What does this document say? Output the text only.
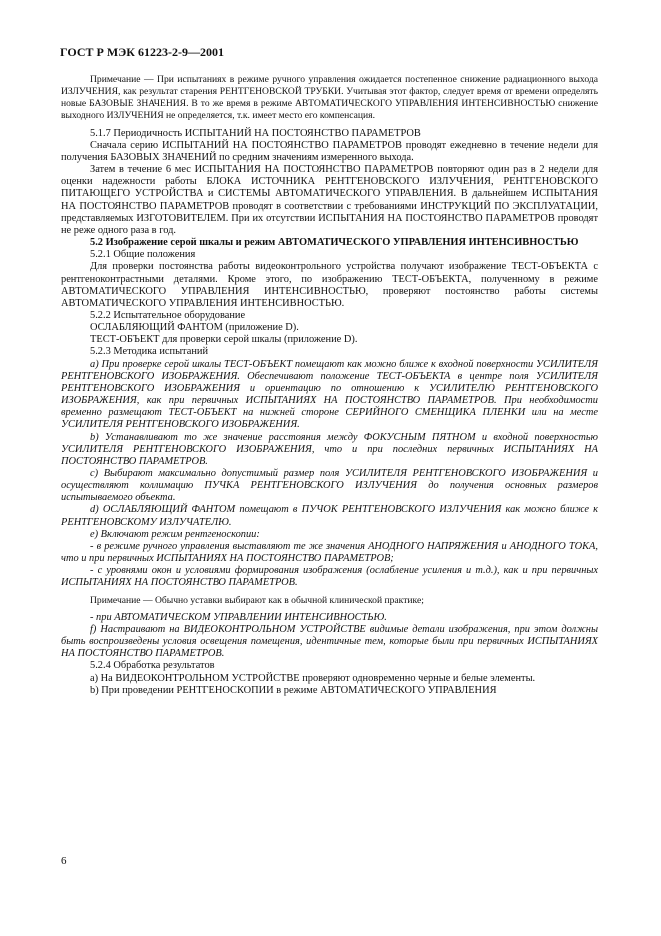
ГОСТ Р МЭК 61223-2-9—2001

Примечание — При испытаниях в режиме ручного управления ожидается постепенное снижение радиационного выхода ИЗЛУЧЕНИЯ, как результат старения РЕНТГЕНОВСКОЙ ТРУБКИ. Учитывая этот фактор, следует время от времени определять новые БАЗОВЫЕ ЗНАЧЕНИЯ. В то же время в режиме АВТОМАТИЧЕСКОГО УПРАВЛЕНИЯ ИНТЕНСИВНОСТЬЮ снижение выходного ИЗЛУЧЕНИЯ не определяется, т.к. имеет место его компенсация.

5.1.7 Периодичность ИСПЫТАНИЙ НА ПОСТОЯНСТВО ПАРАМЕТРОВ

Сначала серию ИСПЫТАНИЙ НА ПОСТОЯНСТВО ПАРАМЕТРОВ проводят ежедневно в течение недели для получения БАЗОВЫХ ЗНАЧЕНИЙ по средним значениям измеренного выхода.

Затем в течение 6 мес ИСПЫТАНИЯ НА ПОСТОЯНСТВО ПАРАМЕТРОВ повторяют один раз в 2 недели для оценки надежности работы БЛОКА ИСТОЧНИКА РЕНТГЕНОВСКОГО ИЗЛУЧЕНИЯ, РЕНТГЕНОВСКОГО ПИТАЮЩЕГО УСТРОЙСТВА и СИСТЕМЫ АВТОМАТИЧЕСКОГО УПРАВЛЕНИЯ. В дальнейшем ИСПЫТАНИЯ НА ПОСТОЯНСТВО ПАРАМЕТРОВ проводят в соответствии с требованиями ИНСТРУКЦИЙ ПО ЭКСПЛУАТАЦИИ, представляемых ИЗГОТОВИТЕЛЕМ. При их отсутствии ИСПЫТАНИЯ НА ПОСТОЯНСТВО ПАРАМЕТРОВ проводят не реже одного раза в год.

5.2 Изображение серой шкалы и режим АВТОМАТИЧЕСКОГО УПРАВЛЕНИЯ ИНТЕНСИВНОСТЬЮ

5.2.1 Общие положения

Для проверки постоянства работы видеоконтрольного устройства получают изображение ТЕСТ-ОБЪЕКТА с рентгеноконтрастными деталями. Кроме этого, по изображению ТЕСТ-ОБЪЕКТА, полученному в режиме АВТОМАТИЧЕСКОГО УПРАВЛЕНИЯ ИНТЕНСИВНОСТЬЮ, проверяют постоянство работы системы АВТОМАТИЧЕСКОГО УПРАВЛЕНИЯ ИНТЕНСИВНОСТЬЮ.

5.2.2 Испытательное оборудование

ОСЛАБЛЯЮЩИЙ ФАНТОМ (приложение D).

ТЕСТ-ОБЪЕКТ для проверки серой шкалы (приложение D).

5.2.3 Методика испытаний

а) При проверке серой шкалы ТЕСТ-ОБЪЕКТ помещают как можно ближе к входной поверхности УСИЛИТЕЛЯ РЕНТГЕНОВСКОГО ИЗОБРАЖЕНИЯ. Обеспечивают положение ТЕСТ-ОБЪЕКТА в центре поля УСИЛИТЕЛЯ РЕНТГЕНОВСКОГО ИЗОБРАЖЕНИЯ и ориентацию по отношению к УСИЛИТЕЛЮ РЕНТГЕНОВСКОГО ИЗОБРАЖЕНИЯ, как при первичных ИСПЫТАНИЯХ НА ПОСТОЯНСТВО ПАРАМЕТРОВ. При необходимости временно размещают ТЕСТ-ОБЪЕКТ на нижней стороне СЕРИЙНОГО СМЕНЩИКА ПЛЕНКИ или на месте УСИЛИТЕЛЯ РЕНТГЕНОВСКОГО ИЗОБРАЖЕНИЯ.

b) Устанавливают то же значение расстояния между ФОКУСНЫМ ПЯТНОМ и входной поверхностью УСИЛИТЕЛЯ РЕНТГЕНОВСКОГО ИЗОБРАЖЕНИЯ, что и при последних первичных ИСПЫТАНИЯХ НА ПОСТОЯНСТВО ПАРАМЕТРОВ.

с) Выбирают максимально допустимый размер поля УСИЛИТЕЛЯ РЕНТГЕНОВСКОГО ИЗОБРАЖЕНИЯ и осуществляют коллимацию ПУЧКА РЕНТГЕНОВСКОГО ИЗЛУЧЕНИЯ до получения основных размеров испытываемого объекта.

d) ОСЛАБЛЯЮЩИЙ ФАНТОМ помещают в ПУЧОК РЕНТГЕНОВСКОГО ИЗЛУЧЕНИЯ как можно ближе к РЕНТГЕНОВСКОМУ ИЗЛУЧАТЕЛЮ.

е) Включают режим рентгеноскопии:

- в режиме ручного управления выставляют те же значения АНОДНОГО НАПРЯЖЕНИЯ и АНОДНОГО ТОКА, что и при первичных ИСПЫТАНИЯХ НА ПОСТОЯНСТВО ПАРАМЕТРОВ;

- с уровнями окон и условиями формирования изображения (ослабление усиления и т.д.), как и при первичных ИСПЫТАНИЯХ НА ПОСТОЯНСТВО ПАРАМЕТРОВ.

Примечание — Обычно уставки выбирают как в обычной клинической практике;

- при АВТОМАТИЧЕСКОМ УПРАВЛЕНИИ ИНТЕНСИВНОСТЬЮ.

f) Настраивают на ВИДЕОКОНТРОЛЬНОМ УСТРОЙСТВЕ видимые детали изображения, при этом должны быть воспроизведены условия освещения помещения, идентичные тем, которые были при первичных ИСПЫТАНИЯХ НА ПОСТОЯНСТВО ПАРАМЕТРОВ.

5.2.4 Обработка результатов

а) На ВИДЕОКОНТРОЛЬНОМ УСТРОЙСТВЕ проверяют одновременно черные и белые элементы.

b) При проведении РЕНТГЕНОСКОПИИ в режиме АВТОМАТИЧЕСКОГО УПРАВЛЕНИЯ

6
